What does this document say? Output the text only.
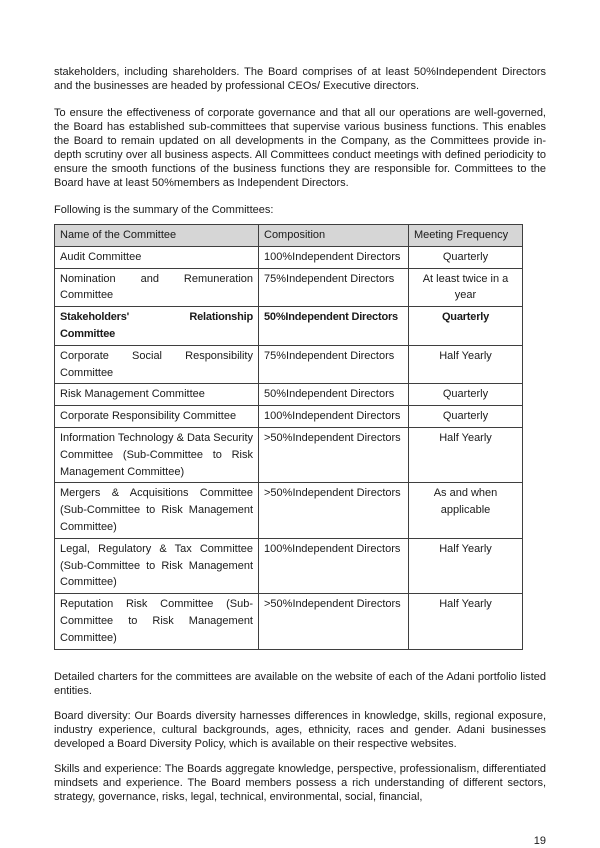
stakeholders, including shareholders. The Board comprises of at least 50%Independent Directors and the businesses are headed by professional CEOs/ Executive directors.

To ensure the effectiveness of corporate governance and that all our operations are well-governed, the Board has established sub-committees that supervise various business functions. This enables the Board to remain updated on all developments in the Company, as the Committees provide in-depth scrutiny over all business aspects. All Committees conduct meetings with defined periodicity to ensure the smooth functions of the business functions they are responsible for. Committees to the Board have at least 50%members as Independent Directors.

Following is the summary of the Committees:

Name of the Committee	Composition	Meeting Frequency
Audit Committee	100%Independent Directors	Quarterly
Nomination and Remuneration Committee	75%Independent Directors	At least twice in a year
Stakeholders' Relationship Committee	50%Independent Directors	Quarterly
Corporate Social Responsibility Committee	75%Independent Directors	Half Yearly
Risk Management Committee	50%Independent Directors	Quarterly
Corporate Responsibility Committee	100%Independent Directors	Quarterly
Information Technology & Data Security Committee (Sub-Committee to Risk Management Committee)	>50%Independent Directors	Half Yearly
Mergers & Acquisitions Committee (Sub-Committee to Risk Management Committee)	>50%Independent Directors	As and when applicable
Legal, Regulatory & Tax Committee (Sub-Committee to Risk Management Committee)	100%Independent Directors	Half Yearly
Reputation Risk Committee (Sub-Committee to Risk Management Committee)	>50%Independent Directors	Half Yearly

Detailed charters for the committees are available on the website of each of the Adani portfolio listed entities.

Board diversity: Our Boards diversity harnesses differences in knowledge, skills, regional exposure, industry experience, cultural backgrounds, ages, ethnicity, races and gender. Adani businesses developed a Board Diversity Policy, which is available on their respective websites.

Skills and experience: The Boards aggregate knowledge, perspective, professionalism, differentiated mindsets and experience. The Board members possess a rich understanding of different sectors, strategy, governance, risks, legal, technical, environmental, social, financial,

19
